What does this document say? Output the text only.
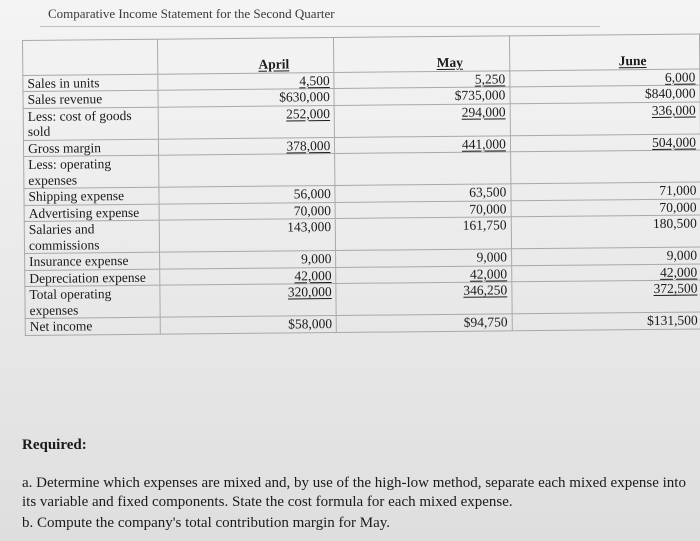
Comparative Income Statement for the Second Quarter
	April	May	June
Sales in units	4,500	5,250	6,000
Sales revenue	$630,000	$735,000	$840,000
Less: cost of goods sold	252,000	294,000	336,000
Gross margin	378,000	441,000	504,000
Less: operating expenses			
Shipping expense	56,000	63,500	71,000
Advertising expense	70,000	70,000	70,000
Salaries and commissions	143,000	161,750	180,500
Insurance expense	9,000	9,000	9,000
Depreciation expense	42,000	42,000	42,000
Total operating expenses	320,000	346,250	372,500
Net income	$58,000	$94,750	$131,500
Required:
a. Determine which expenses are mixed and, by use of the high-low method, separate each mixed expense into its variable and fixed components. State the cost formula for each mixed expense.
b. Compute the company's total contribution margin for May.
